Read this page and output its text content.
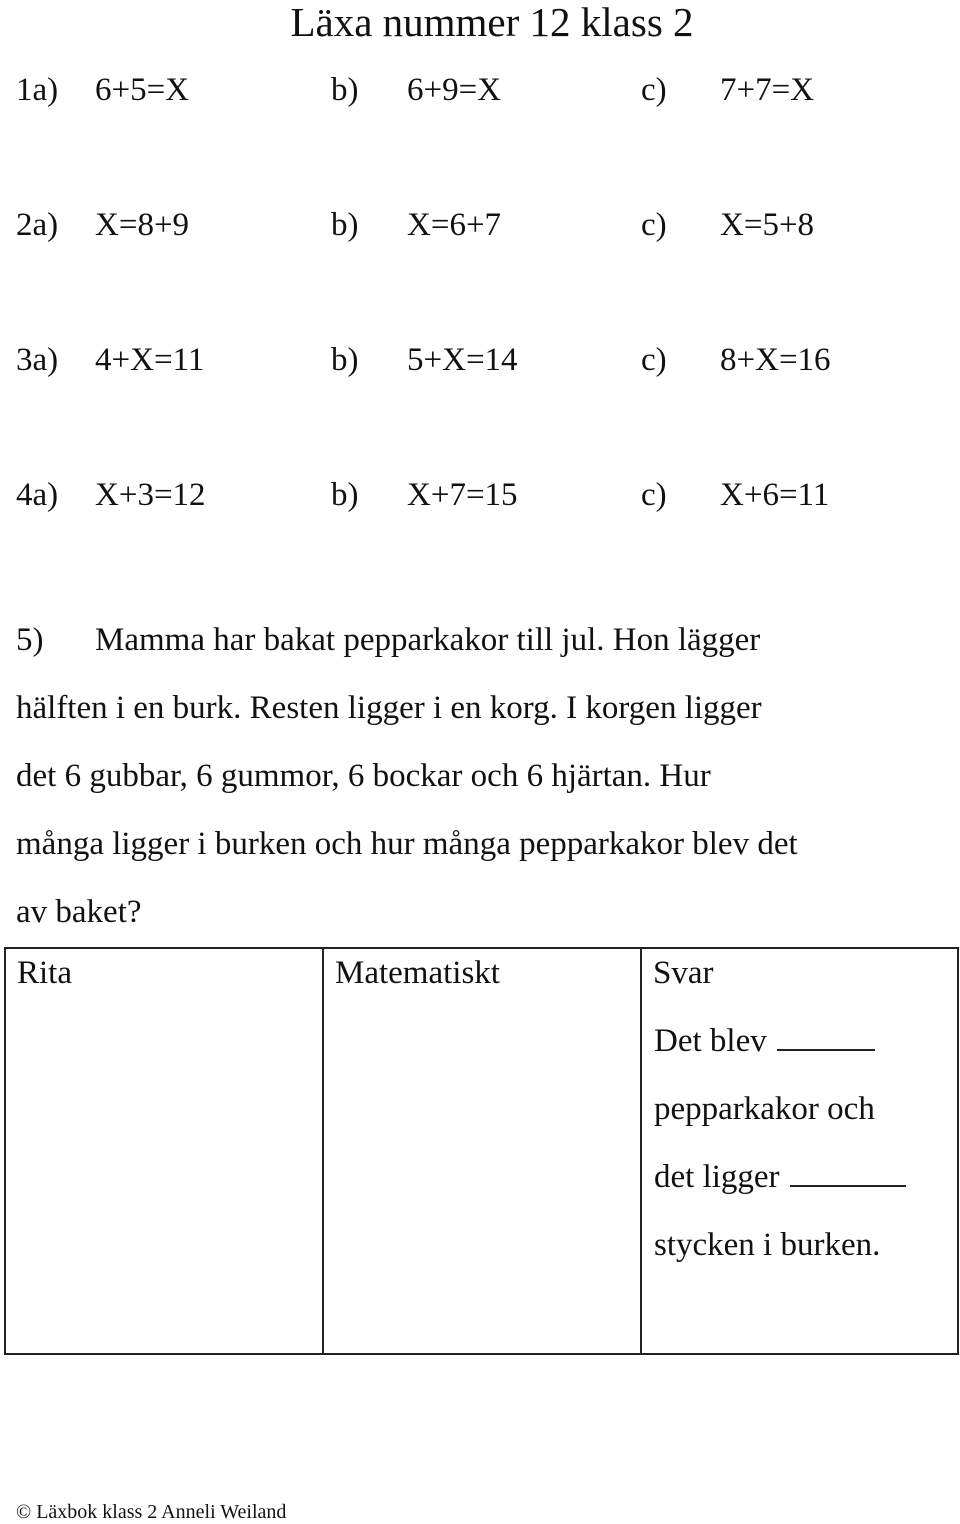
Läxa nummer 12 klass 2
1a) 6+5=X	b) 6+9=X	c) 7+7=X
2a) X=8+9	b) X=6+7	c) X=5+8
3a) 4+X=11	b) 5+X=14	c) 8+X=16
4a) X+3=12	b) X+7=15	c) X+6=11
5) Mamma har bakat pepparkakor till jul. Hon lägger
hälften i en burk. Resten ligger i en korg. I korgen ligger
det 6 gubbar, 6 gummor, 6 bockar och 6 hjärtan. Hur
många ligger i burken och hur många pepparkakor blev det
av baket?
Rita	Matematiskt	Svar
Det blev
pepparkakor och
det ligger
stycken i burken.
© Läxbok klass 2 Anneli Weiland
